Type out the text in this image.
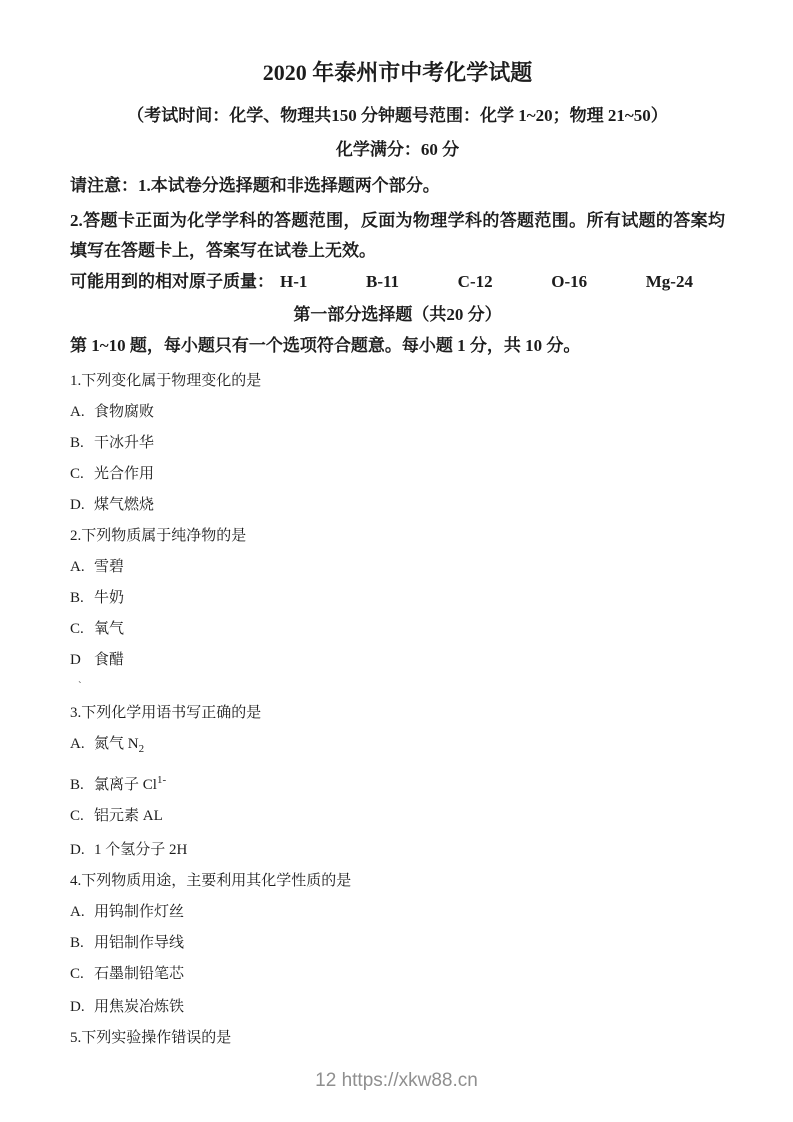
2020 年泰州市中考化学试题

（考试时间：化学、物理共150 分钟题号范围：化学 1~20；物理 21~50）

化学满分：60 分

请注意：1.本试卷分选择题和非选择题两个部分。

2.答题卡正面为化学学科的答题范围，反面为物理学科的答题范围。所有试题的答案均填写在答题卡上，答案写在试卷上无效。

可能用到的相对原子质量： H-1	B-11	C-12	O-16	Mg-24

第一部分选择题（共20 分）

第 1~10 题，每小题只有一个选项符合题意。每小题 1 分，共 10 分。

1.下列变化属于物理变化的是

A. 食物腐败

B. 干冰升华

C. 光合作用

D. 煤气燃烧

2.下列物质属于纯净物的是

A. 雪碧

B. 牛奶

C. 氧气

D 食醋

`

3.下列化学用语书写正确的是

A. 氮气 $N_2$

B. 氯离子 $Cl^{1-}$

C. 铝元素 AL

D. 1 个氢分子 2H

4.下列物质用途，主要利用其化学性质的是

A. 用钨制作灯丝

B. 用铝制作导线

C. 石墨制铅笔芯

D. 用焦炭冶炼铁

5.下列实验操作错误的是

12 https://xkw88.cn
